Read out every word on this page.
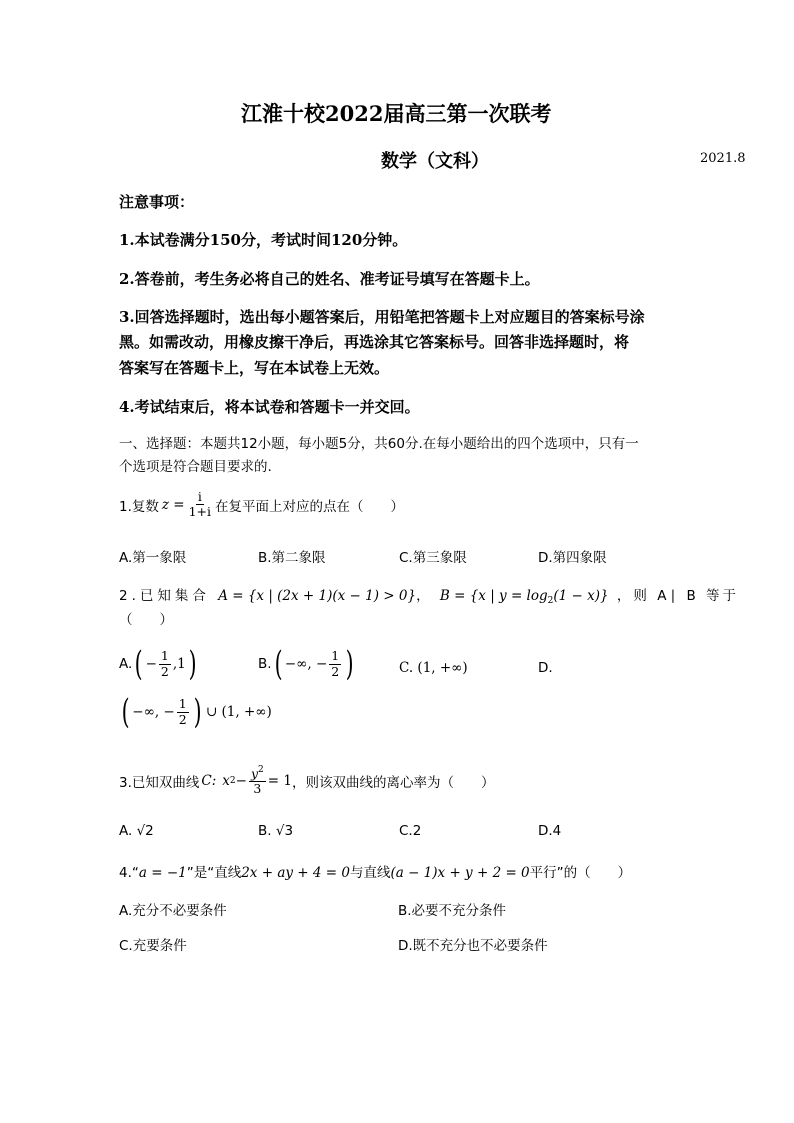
江淮十校2022届高三第一次联考
数学（文科）	2021.8
注意事项：
1.本试卷满分150分，考试时间120分钟。
2.答卷前，考生务必将自己的姓名、准考证号填写在答题卡上。
3.回答选择题时，选出每小题答案后，用铅笔把答题卡上对应题目的答案标号涂
黑。如需改动，用橡皮擦干净后，再选涂其它答案标号。回答非选择题时，将
答案写在答题卡上，写在本试卷上无效。
4.考试结束后，将本试卷和答题卡一并交回。
一、选择题：本题共12小题，每小题5分，共60分.在每小题给出的四个选项中，只有一
个选项是符合题目要求的.
1.复数 $z = \frac{i}{1+i}$ 在复平面上对应的点在（　　）
A.第一象限	B.第二象限	C.第三象限	D.第四象限
2.已知集合 A = {x | (2x + 1)(x − 1) > 0}， B = {x | $y = \log_2(1 - x)$} ，则 A∣ B 等于
（　　）
A. ( − $\frac{1}{2} ,1$ )	B. ( −∞, − $\frac{1}{2}$ )	C. (1, +∞)	D.
( −∞, − $\frac{1}{2}$ ) ∪ (1, +∞)
3.已知双曲线 C: x $2 - \frac{y^2}{3} = 1$ ，则该双曲线的离心率为（　　）
A. √2	B. √3	C.2	D.4
4.“a = −1”是“直线2x + ay + 4 = 0与直线(a − 1)x + y + 2 = 0平行”的（　　）
A.充分不必要条件	B.必要不充分条件
C.充要条件	D.既不充分也不必要条件
